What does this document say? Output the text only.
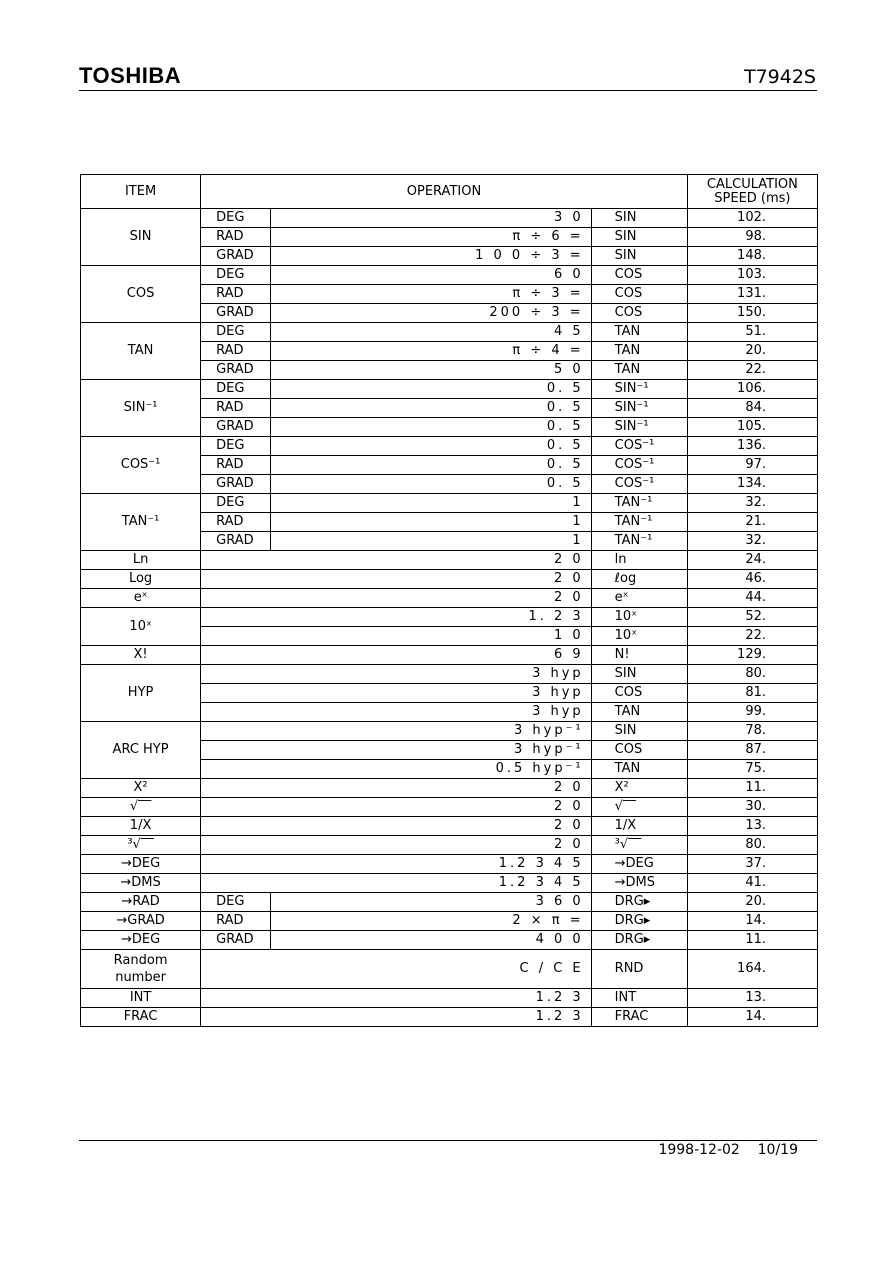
TOSHIBA	T7942S
ITEM	OPERATION			CALCULATION
SPEED (ms)
SIN	DEG	3 0	SIN	102.
	RAD	π ÷ 6 =	SIN	98.
	GRAD	1 0 0 ÷ 3 =	SIN	148.
COS	DEG	6 0	COS	103.
	RAD	π ÷ 3 =	COS	131.
	GRAD	200 ÷ 3 =	COS	150.
TAN	DEG	4 5	TAN	51.
	RAD	π ÷ 4 =	TAN	20.
	GRAD	5 0	TAN	22.
SIN⁻¹	DEG	0. 5	SIN⁻¹	106.
	RAD	0. 5	SIN⁻¹	84.
	GRAD	0. 5	SIN⁻¹	105.
COS⁻¹	DEG	0. 5	COS⁻¹	136.
	RAD	0. 5	COS⁻¹	97.
	GRAD	0. 5	COS⁻¹	134.
TAN⁻¹	DEG	1	TAN⁻¹	32.
	RAD	1	TAN⁻¹	21.
	GRAD	1	TAN⁻¹	32.
Ln	2 0		ln	24.
Log	2 0		ℓog	46.
eˣ	2 0		eˣ	44.
10ˣ	1. 2 3		10ˣ	52.
	1 0		10ˣ	22.
X!	6 9		N!	129.
HYP	3 hyp		SIN	80.
	3 hyp		COS	81.
	3 hyp		TAN	99.
ARC HYP	3 hyp⁻¹		SIN	78.
	3 hyp⁻¹		COS	87.
	0.5 hyp⁻¹		TAN	75.
X²	2 0		X²	11.
√‾‾	2 0		√‾‾	30.
1/X	2 0		1/X	13.
³√‾‾	2 0		³√‾‾	80.
→DEG	1.2 3 4 5		→DEG	37.
→DMS	1.2 3 4 5		→DMS	41.
→RAD	DEG	3 6 0	DRG▸	20.
→GRAD	RAD	2 × π =	DRG▸	14.
→DEG	GRAD	4 0 0	DRG▸	11.
Random
number	C / C E		RND	164.
INT	1.2 3		INT	13.
FRAC	1.2 3		FRAC	14.
1998-12-02 10/19
